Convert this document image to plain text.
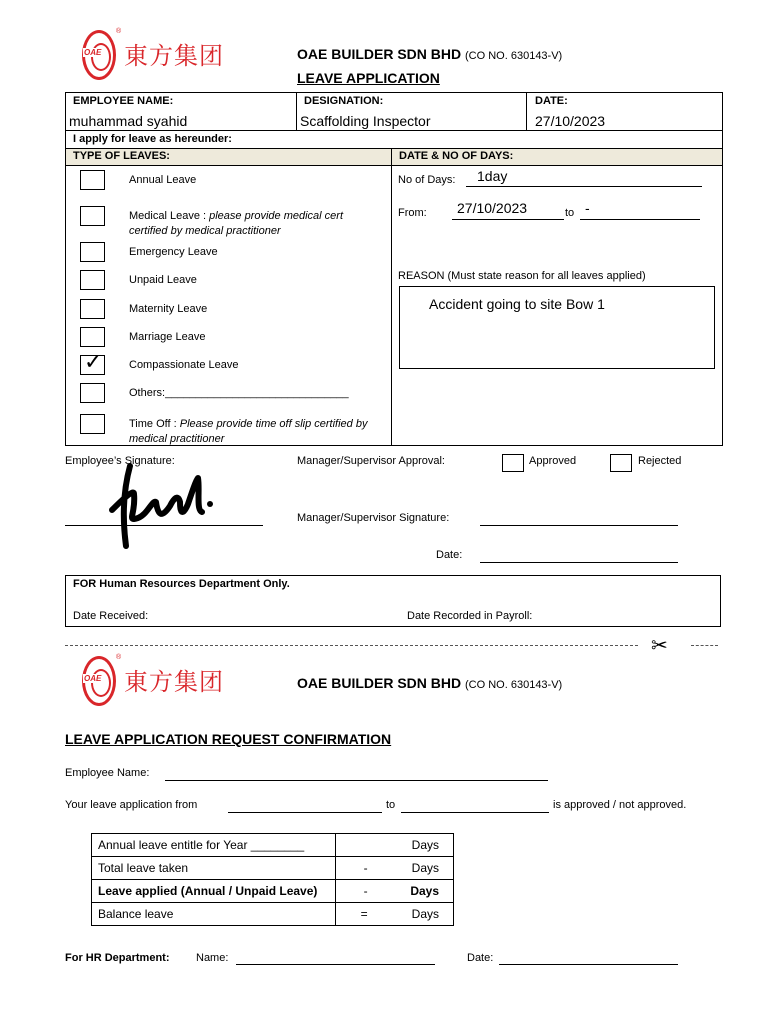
OAE
®
東方集团	OAE BUILDER SDN BHD (CO NO. 630143-V)
LEAVE APPLICATION
EMPLOYEE NAME:
muhammad syahid
DESIGNATION:
Scaffolding Inspector
DATE:
27/10/2023
I apply for leave as hereunder:
TYPE OF LEAVES:	DATE & NO OF DAYS:
Annual Leave
Medical Leave : please provide medical cert certified by medical practitioner
Emergency Leave
Unpaid Leave
Maternity Leave
Marriage Leave
✓ Compassionate Leave
Others:______________________________
Time Off : Please provide time off slip certified by medical practitioner
No of Days: 1day
From: 27/10/2023	to -
REASON (Must state reason for all leaves applied)
Accident going to site Bow 1
Employee’s Signature:	Manager/Supervisor Approval:	Approved	Rejected
Manager/Supervisor Signature:
Date:
FOR Human Resources Department Only.
Date Received:	Date Recorded in Payroll:
✂
OAE
®
東方集团	OAE BUILDER SDN BHD (CO NO. 630143-V)
LEAVE APPLICATION REQUEST CONFIRMATION
Employee Name:
Your leave application from	to	is approved / not approved.
Annual leave entitle for Year ________		Days
Total leave taken	-	Days
Leave applied (Annual / Unpaid Leave)	-	Days
Balance leave	=	Days
For HR Department: Name:	Date:
